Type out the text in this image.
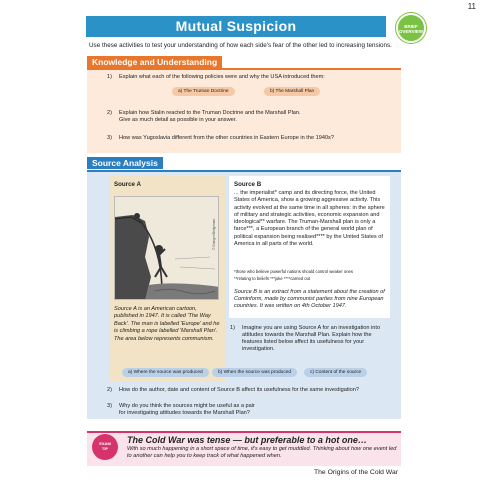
11
Mutual Suspicion	BRIEF
OVERVIEW
Use these activities to test your understanding of how each side's fear of the other led to increasing tensions.
Knowledge and Understanding
1) Explain what each of the following policies were and why the USA introduced them:
a) The Truman Doctrine	b) The Marshall Plan
2) Explain how Stalin reacted to the Truman Doctrine and the Marshall Plan.
Give as much detail as possible in your answer.
3) How was Yugoslavia different from the other countries in Eastern Europe in the 1940s?
Source Analysis
Source A
© Granger/Bridgeman
Source A is an American cartoon, published in 1947. It is called 'The Way Back'. The man is labelled 'Europe' and he is climbing a rope labelled 'Marshall Plan'. The area below represents communism.
Source B
... the imperialist* camp and its directing force, the United States of America, show a growing aggressive activity. This activity evolved at the same time in all spheres: in the sphere of military and strategic activities, economic expansion and ideological** warfare. The Truman-Marshall plan is only a farce***, a European branch of the general world plan of political expansion being realised**** by the United States of America in all parts of the world.
*those who believe powerful nations should control weaker ones
**relating to beliefs ***joke ****carried out
Source B is an extract from a statement about the creation of Cominform, made by communist parties from nine European countries. It was written on 4th October 1947.
1) Imagine you are using Source A for an investigation into attitudes towards the Marshall Plan. Explain how the features listed below affect its usefulness for your investigation.
a) Where the source was produced	b) When the source was produced	c) Content of the source
2) How do the author, date and content of Source B affect its usefulness for the same investigation?
3) Why do you think the sources might be useful as a pair
for investigating attitudes towards the Marshall Plan?
EXAM
TIP
The Cold War was tense — but preferable to a hot one…
With so much happening in a short space of time, it's easy to get muddled. Thinking about how one event led to another can help you to keep track of what happened when.
The Origins of the Cold War
